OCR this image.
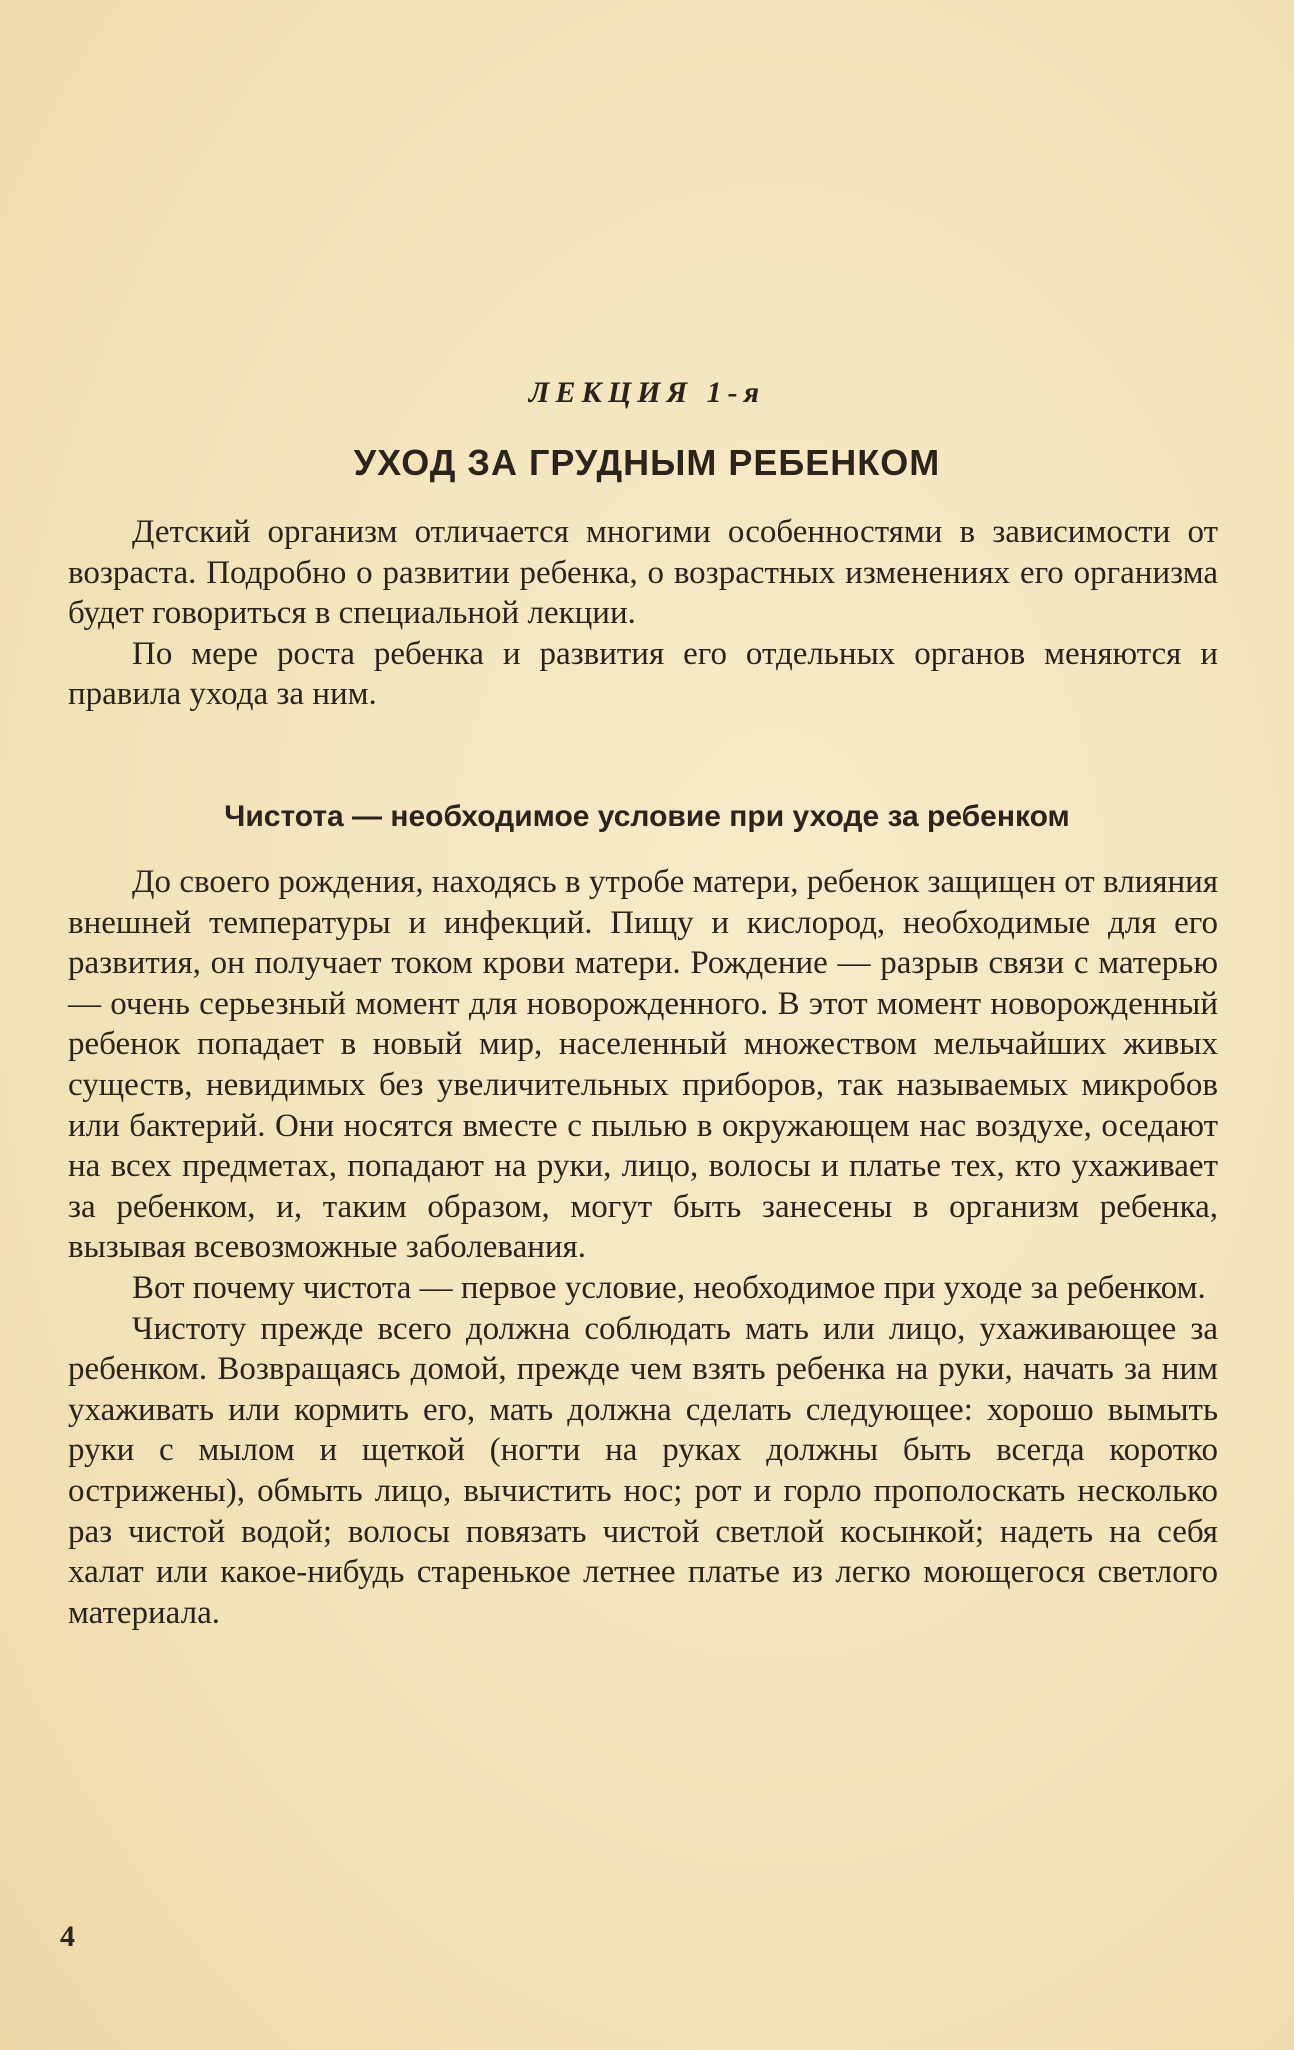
ЛЕКЦИЯ 1-я
УХОД ЗА ГРУДНЫМ РЕБЕНКОМ

Детский организм отличается многими особенностями в зависимости от возраста. Подробно о развитии ребенка, о возрастных изменениях его организма будет говориться в специальной лекции.

По мере роста ребенка и развития его отдельных органов меняются и правила ухода за ним.

Чистота — необходимое условие при уходе за ребенком

До своего рождения, находясь в утробе матери, ребенок защищен от влияния внешней температуры и инфекций. Пищу и кислород, необходимые для его развития, он получает током крови матери. Рождение — разрыв связи с матерью — очень серьезный момент для новорожденного. В этот момент новорожденный ребенок попадает в новый мир, населенный множеством мельчайших живых существ, невидимых без увеличительных приборов, так называемых микробов или бактерий. Они носятся вместе с пылью в окружающем нас воздухе, оседают на всех предметах, попадают на руки, лицо, волосы и платье тех, кто ухаживает за ребенком, и, таким образом, могут быть занесены в организм ребенка, вызывая всевозможные заболевания.

Вот почему чистота — первое условие, необходимое при уходе за ребенком.

Чистоту прежде всего должна соблюдать мать или лицо, ухаживающее за ребенком. Возвращаясь домой, прежде чем взять ребенка на руки, начать за ним ухаживать или кормить его, мать должна сделать следующее: хорошо вымыть руки с мылом и щеткой (ногти на руках должны быть всегда коротко острижены), обмыть лицо, вычистить нос; рот и горло прополоскать несколько раз чистой водой; волосы повязать чистой светлой косынкой; надеть на себя халат или какое-нибудь старенькое летнее платье из легко моющегося светлого материала.

4
